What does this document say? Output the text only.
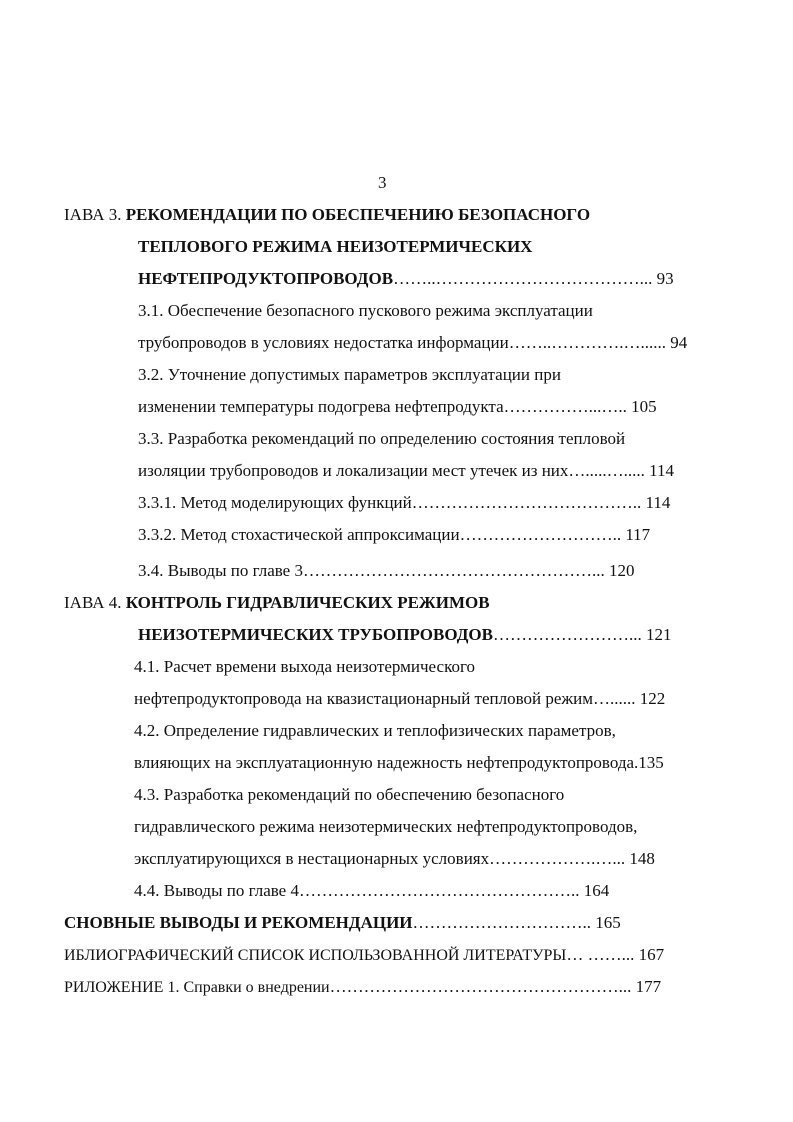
3
ІАВА 3. РЕКОМЕНДАЦИИ ПО ОБЕСПЕЧЕНИЮ БЕЗОПАСНОГО
ТЕПЛОВОГО РЕЖИМА НЕИЗОТЕРМИЧЕСКИХ
НЕФТЕПРОДУКТОПРОВОДОВ……..………………………………... 93
3.1. Обеспечение безопасного пускового режима эксплуатации
трубопроводов в условиях недостатка информации……..………….…...... 94
3.2. Уточнение допустимых параметров эксплуатации при
изменении температуры подогрева нефтепродукта……………...….. 105
3.3. Разработка рекомендаций по определению состояния тепловой
изоляции трубопроводов и локализации мест утечек из них….....…..... 114
3.3.1. Метод моделирующих функций………………………………….. 114
3.3.2. Метод стохастической аппроксимации……………………….. 117
3.4. Выводы по главе 3……………………………………………... 120
ІАВА 4. КОНТРОЛЬ ГИДРАВЛИЧЕСКИХ РЕЖИМОВ
НЕИЗОТЕРМИЧЕСКИХ ТРУБОПРОВОДОВ……………………... 121
4.1. Расчет времени выхода неизотермического
нефтепродуктопровода на квазистационарный тепловой режим…...... 122
4.2. Определение гидравлических и теплофизических параметров,
влияющих на эксплуатационную надежность нефтепродуктопровода.135
4.3. Разработка рекомендаций по обеспечению безопасного
гидравлического режима неизотермических нефтепродуктопроводов,
эксплуатирующихся в нестационарных условиях……………….…... 148
4.4. Выводы по главе 4………………………………………….. 164
СНОВНЫЕ ВЫВОДЫ И РЕКОМЕНДАЦИИ………………………….. 165
ИБЛИОГРАФИЧЕСКИЙ СПИСОК ИСПОЛЬЗОВАННОЙ ЛИТЕРАТУРЫ… ……... 167
РИЛОЖЕНИЕ 1. Справки о внедрении……………………………………………... 177
